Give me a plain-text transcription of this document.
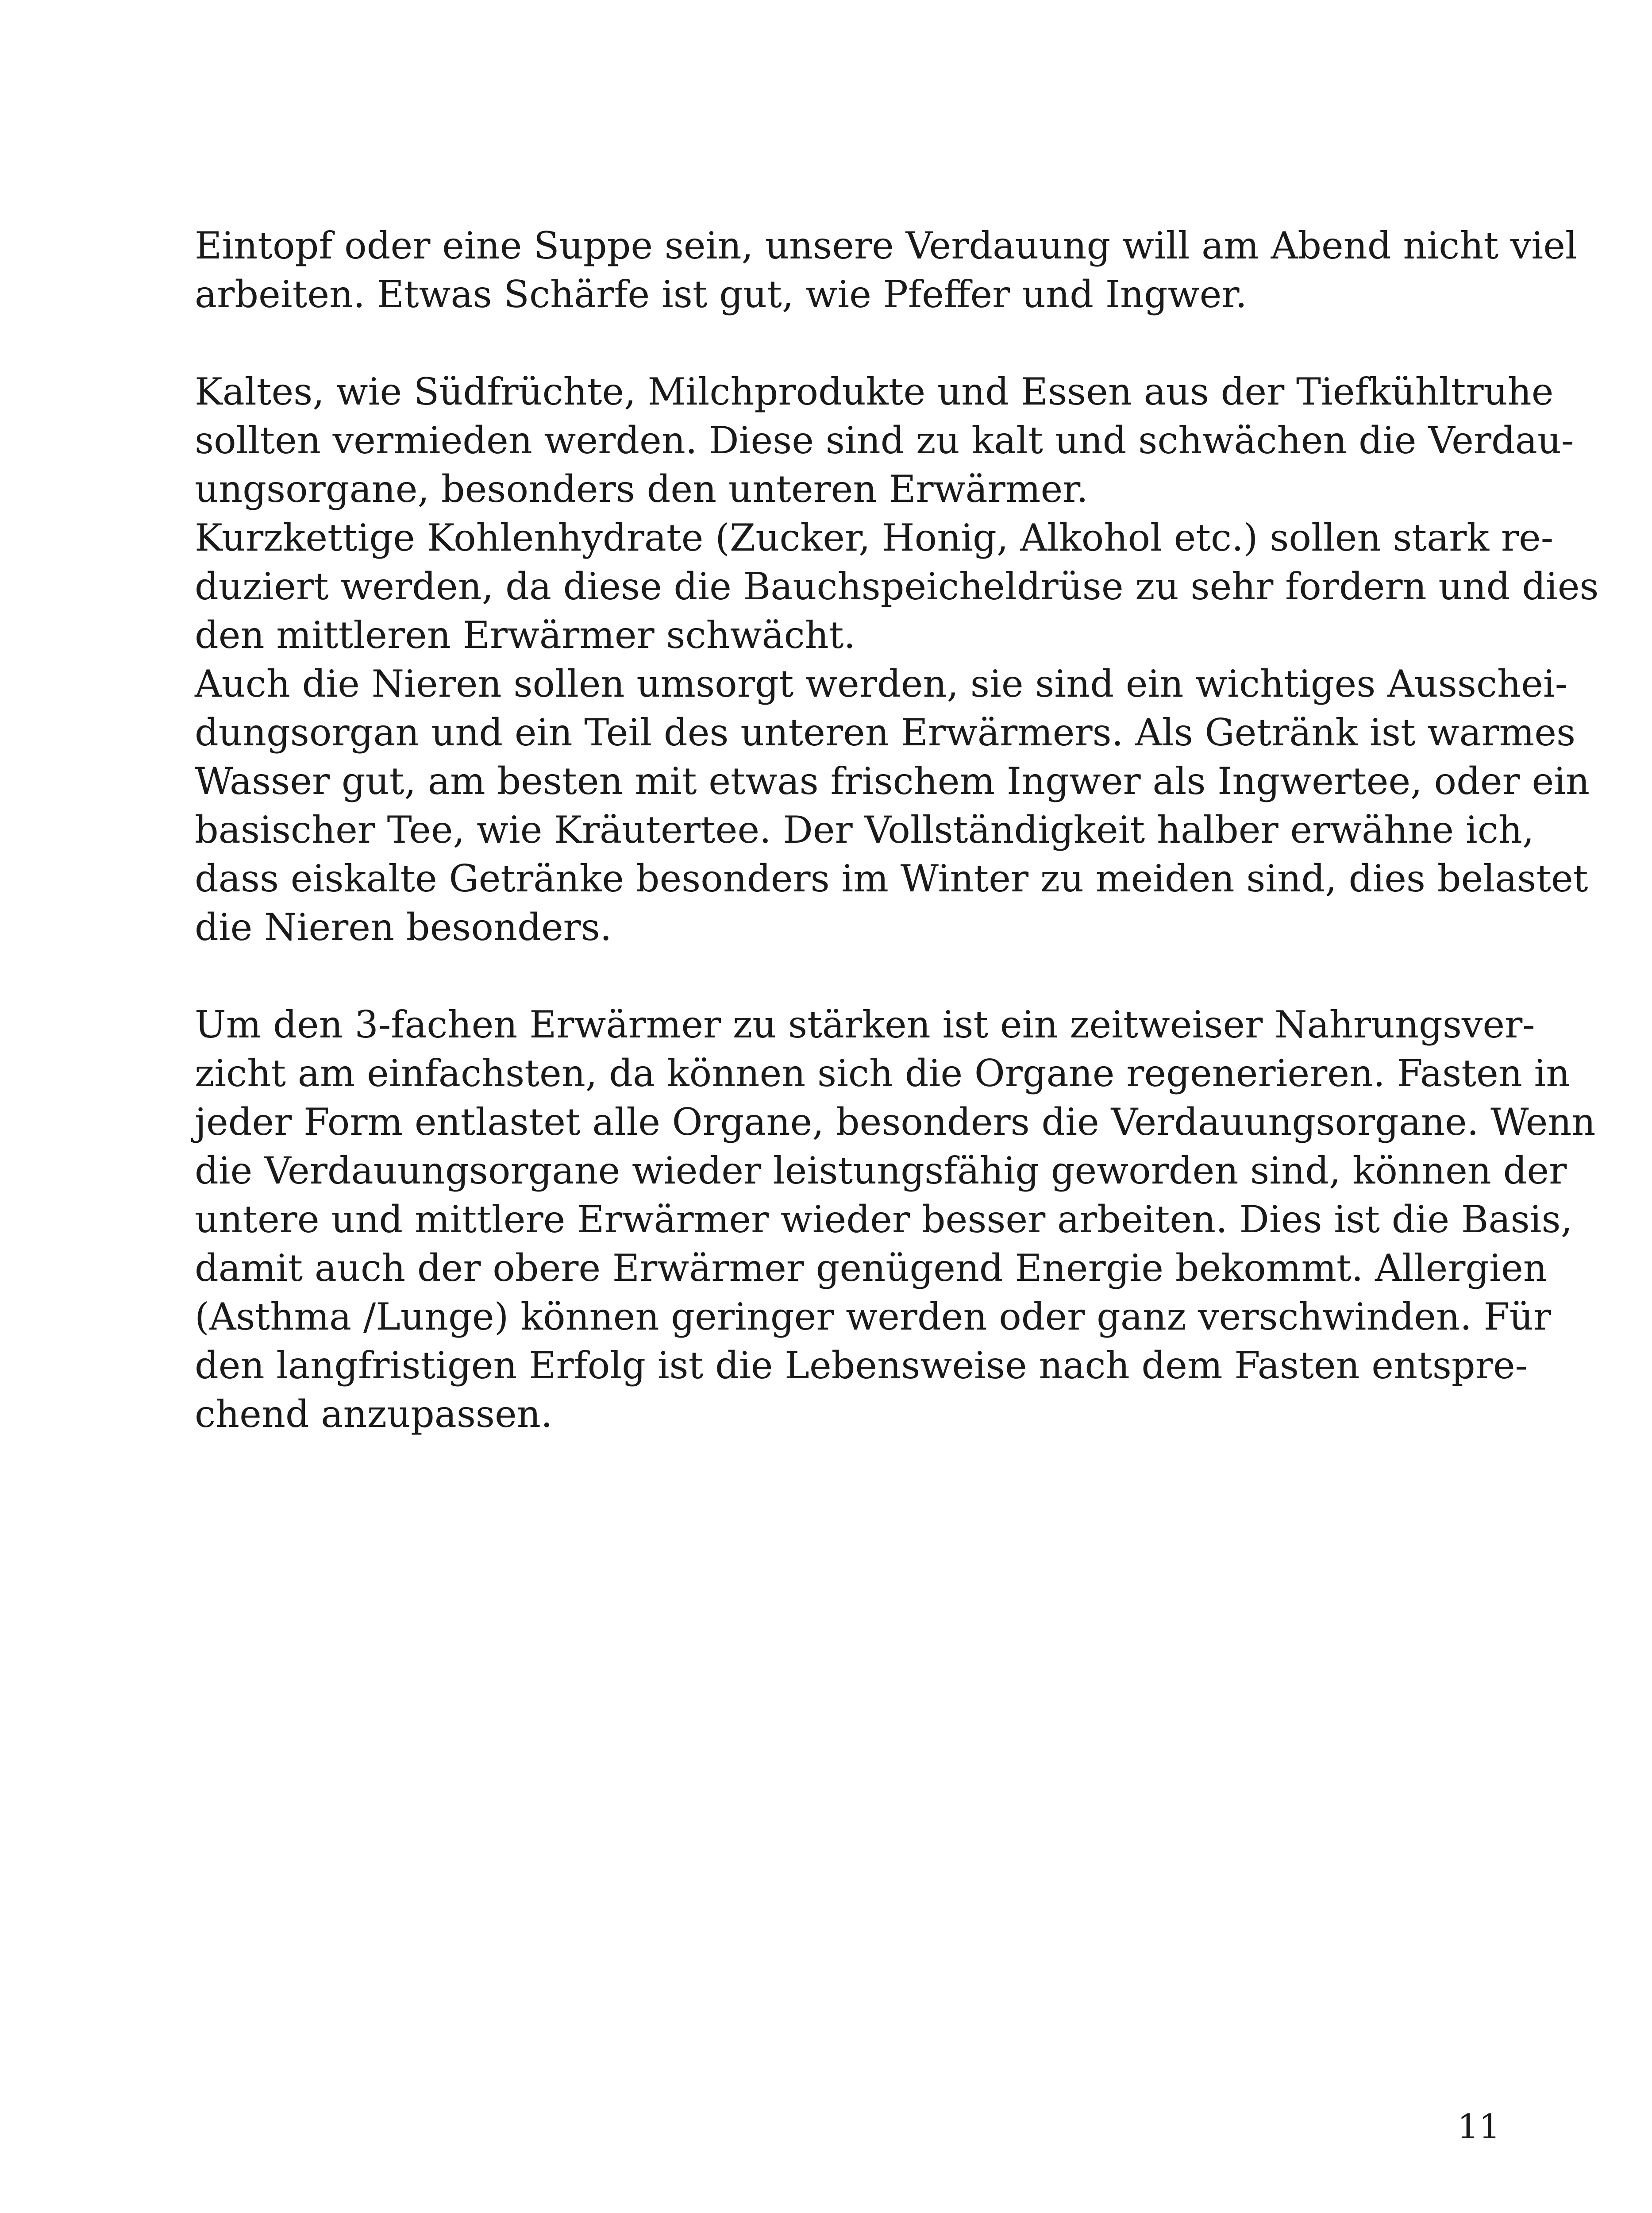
Eintopf oder eine Suppe sein, unsere Verdauung will am Abend nicht viel
arbeiten. Etwas Schärfe ist gut, wie Pfeffer und Ingwer.

Kaltes, wie Südfrüchte, Milchprodukte und Essen aus der Tiefkühltruhe
sollten vermieden werden. Diese sind zu kalt und schwächen die Verdau-
ungsorgane, besonders den unteren Erwärmer.

Kurzkettige Kohlenhydrate (Zucker, Honig, Alkohol etc.) sollen stark re-
duziert werden, da diese die Bauchspeicheldrüse zu sehr fordern und dies
den mittleren Erwärmer schwächt.

Auch die Nieren sollen umsorgt werden, sie sind ein wichtiges Ausschei-
dungsorgan und ein Teil des unteren Erwärmers. Als Getränk ist warmes
Wasser gut, am besten mit etwas frischem Ingwer als Ingwertee, oder ein
basischer Tee, wie Kräutertee. Der Vollständigkeit halber erwähne ich,
dass eiskalte Getränke besonders im Winter zu meiden sind, dies belastet
die Nieren besonders.

Um den 3-fachen Erwärmer zu stärken ist ein zeitweiser Nahrungsver-
zicht am einfachsten, da können sich die Organe regenerieren. Fasten in
jeder Form entlastet alle Organe, besonders die Verdauungsorgane. Wenn
die Verdauungsorgane wieder leistungsfähig geworden sind, können der
untere und mittlere Erwärmer wieder besser arbeiten. Dies ist die Basis,
damit auch der obere Erwärmer genügend Energie bekommt. Allergien
(Asthma /Lunge) können geringer werden oder ganz verschwinden. Für
den langfristigen Erfolg ist die Lebensweise nach dem Fasten entspre-
chend anzupassen.

11
